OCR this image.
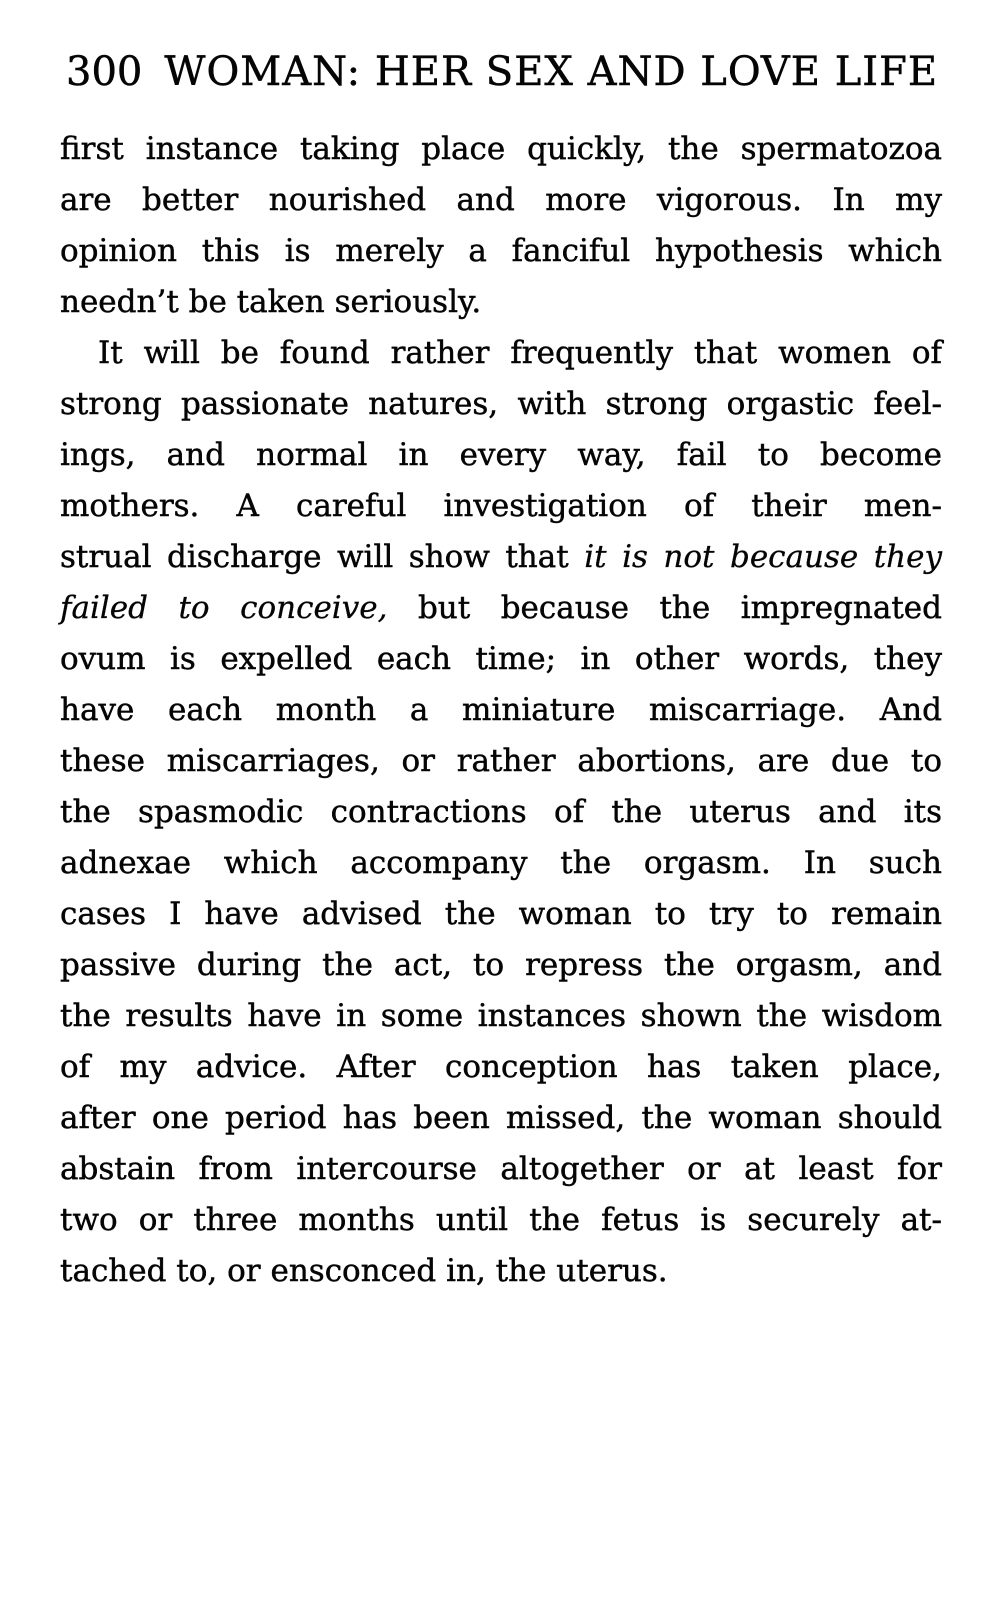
300 WOMAN: HER SEX AND LOVE LIFE
first instance taking place quickly, the spermatozoa
are better nourished and more vigorous. In my
opinion this is merely a fanciful hypothesis which
needn’t be taken seriously.
It will be found rather frequently that women of
strong passionate natures, with strong orgastic feel-
ings, and normal in every way, fail to become
mothers. A careful investigation of their men-
strual discharge will show that it is not because they
failed to conceive, but because the impregnated
ovum is expelled each time; in other words, they
have each month a miniature miscarriage. And
these miscarriages, or rather abortions, are due to
the spasmodic contractions of the uterus and its
adnexae which accompany the orgasm. In such
cases I have advised the woman to try to remain
passive during the act, to repress the orgasm, and
the results have in some instances shown the wisdom
of my advice. After conception has taken place,
after one period has been missed, the woman should
abstain from intercourse altogether or at least for
two or three months until the fetus is securely at-
tached to, or ensconced in, the uterus.
